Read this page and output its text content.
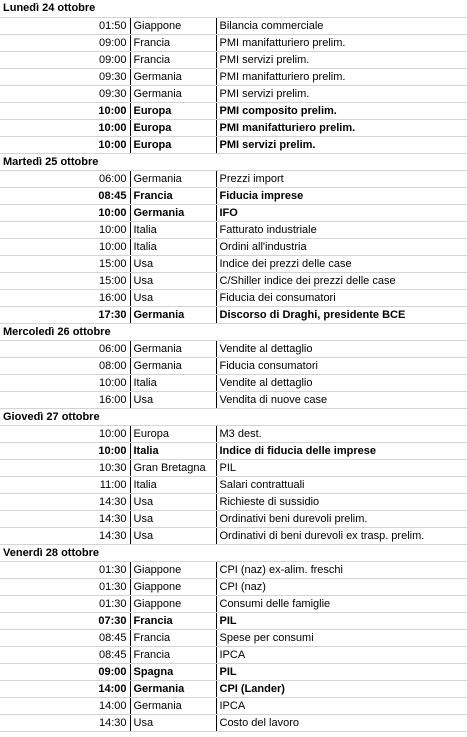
Lunedì 24 ottobre		
01:50	Giappone	Bilancia commerciale
09:00	Francia	PMI manifatturiero prelim.
09:00	Francia	PMI servizi prelim.
09:30	Germania	PMI manifatturiero prelim.
09:30	Germania	PMI servizi prelim.
10:00	Europa	PMI composito prelim.
10:00	Europa	PMI manifatturiero prelim.
10:00	Europa	PMI servizi prelim.
Martedì 25 ottobre		
06:00	Germania	Prezzi import
08:45	Francia	Fiducia imprese
10:00	Germania	IFO
10:00	Italia	Fatturato industriale
10:00	Italia	Ordini all'industria
15:00	Usa	Indice dei prezzi delle case
15:00	Usa	C/Shiller indice dei prezzi delle case
16:00	Usa	Fiducia dei consumatori
17:30	Germania	Discorso di Draghi, presidente BCE
Mercoledì 26 ottobre		
06:00	Germania	Vendite al dettaglio
08:00	Germania	Fiducia consumatori
10:00	Italia	Vendite al dettaglio
16:00	Usa	Vendita di nuove case
Giovedì 27 ottobre		
10:00	Europa	M3 dest.
10:00	Italia	Indice di fiducia delle imprese
10:30	Gran Bretagna	PIL
11:00	Italia	Salari contrattuali
14:30	Usa	Richieste di sussidio
14:30	Usa	Ordinativi beni durevoli prelim.
14:30	Usa	Ordinativi di beni durevoli ex trasp. prelim.
Venerdì 28 ottobre		
01:30	Giappone	CPI (naz) ex-alim. freschi
01:30	Giappone	CPI (naz)
01:30	Giappone	Consumi delle famiglie
07:30	Francia	PIL
08:45	Francia	Spese per consumi
08:45	Francia	IPCA
09:00	Spagna	PIL
14:00	Germania	CPI (Lander)
14:00	Germania	IPCA
14:30	Usa	Costo del lavoro
